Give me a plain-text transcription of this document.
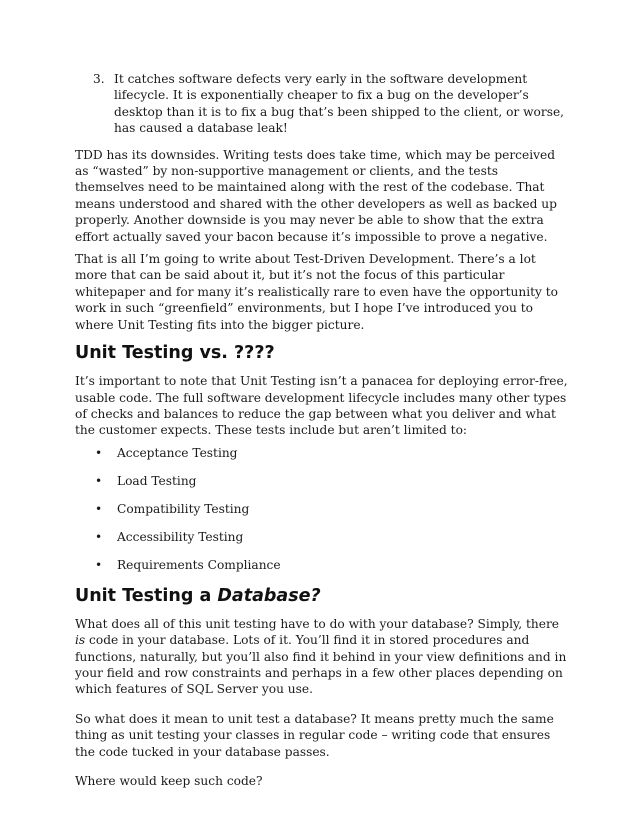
3. It catches software defects very early in the software development lifecycle. It is exponentially cheaper to fix a bug on the developer’s desktop than it is to fix a bug that’s been shipped to the client, or worse, has caused a database leak!

TDD has its downsides. Writing tests does take time, which may be perceived as “wasted” by non-supportive management or clients, and the tests themselves need to be maintained along with the rest of the codebase. That means understood and shared with the other developers as well as backed up properly. Another downside is you may never be able to show that the extra effort actually saved your bacon because it’s impossible to prove a negative.

That is all I’m going to write about Test-Driven Development. There’s a lot more that can be said about it, but it’s not the focus of this particular whitepaper and for many it’s realistically rare to even have the opportunity to work in such “greenfield” environments, but I hope I’ve introduced you to where Unit Testing fits into the bigger picture.

Unit Testing vs. ????

It’s important to note that Unit Testing isn’t a panacea for deploying error-free, usable code. The full software development lifecycle includes many other types of checks and balances to reduce the gap between what you deliver and what the customer expects. These tests include but aren’t limited to:

•	Acceptance Testing
•	Load Testing
•	Compatibility Testing
•	Accessibility Testing
•	Requirements Compliance
Unit Testing a Database?

What does all of this unit testing have to do with your database? Simply, there is code in your database. Lots of it. You’ll find it in stored procedures and functions, naturally, but you’ll also find it behind in your view definitions and in your field and row constraints and perhaps in a few other places depending on which features of SQL Server you use.

So what does it mean to unit test a database? It means pretty much the same thing as unit testing your classes in regular code – writing code that ensures the code tucked in your database passes.

Where would keep such code?
